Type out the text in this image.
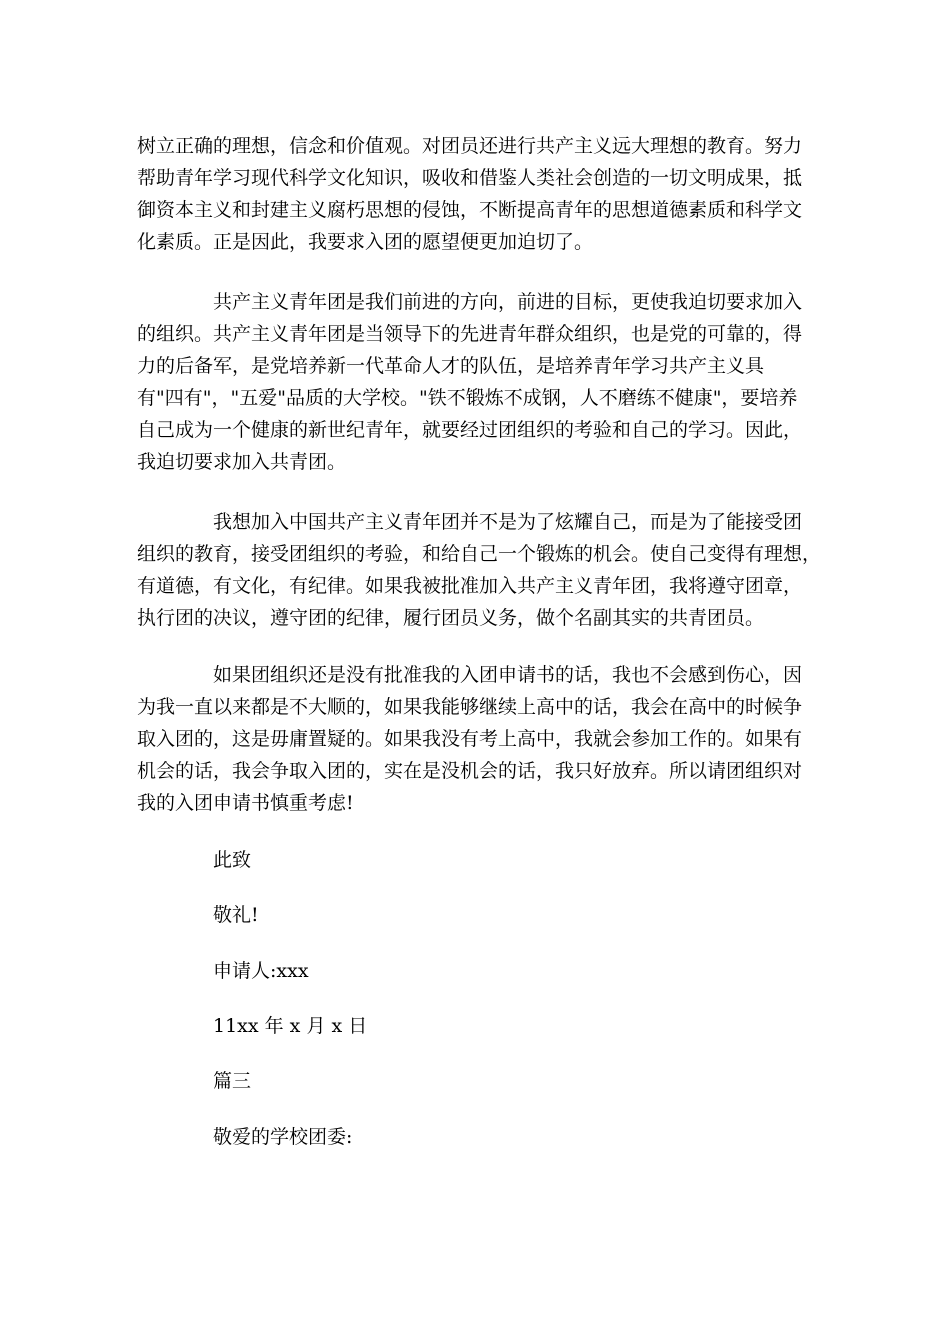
树立正确的理想，信念和价值观。对团员还进行共产主义远大理想的教育。努力
帮助青年学习现代科学文化知识，吸收和借鉴人类社会创造的一切文明成果，抵
御资本主义和封建主义腐朽思想的侵蚀，不断提高青年的思想道德素质和科学文
化素质。正是因此，我要求入团的愿望便更加迫切了。
共产主义青年团是我们前进的方向，前进的目标，更使我迫切要求加入
的组织。共产主义青年团是当领导下的先进青年群众组织，也是党的可靠的，得
力的后备军，是党培养新一代革命人才的队伍，是培养青年学习共产主义具
有"四有"，"五爱"品质的大学校。"铁不锻炼不成钢，人不磨练不健康"，要培养
自己成为一个健康的新世纪青年，就要经过团组织的考验和自己的学习。因此，
我迫切要求加入共青团。
我想加入中国共产主义青年团并不是为了炫耀自己，而是为了能接受团
组织的教育，接受团组织的考验，和给自己一个锻炼的机会。使自己变得有理想，
有道德，有文化，有纪律。如果我被批准加入共产主义青年团，我将遵守团章，
执行团的决议，遵守团的纪律，履行团员义务，做个名副其实的共青团员。
如果团组织还是没有批准我的入团申请书的话，我也不会感到伤心，因
为我一直以来都是不大顺的，如果我能够继续上高中的话，我会在高中的时候争
取入团的，这是毋庸置疑的。如果我没有考上高中，我就会参加工作的。如果有
机会的话，我会争取入团的，实在是没机会的话，我只好放弃。所以请团组织对
我的入团申请书慎重考虑!

此致

敬礼!

申请人:xxx

11xx 年 x 月 x 日

篇三

敬爱的学校团委:
